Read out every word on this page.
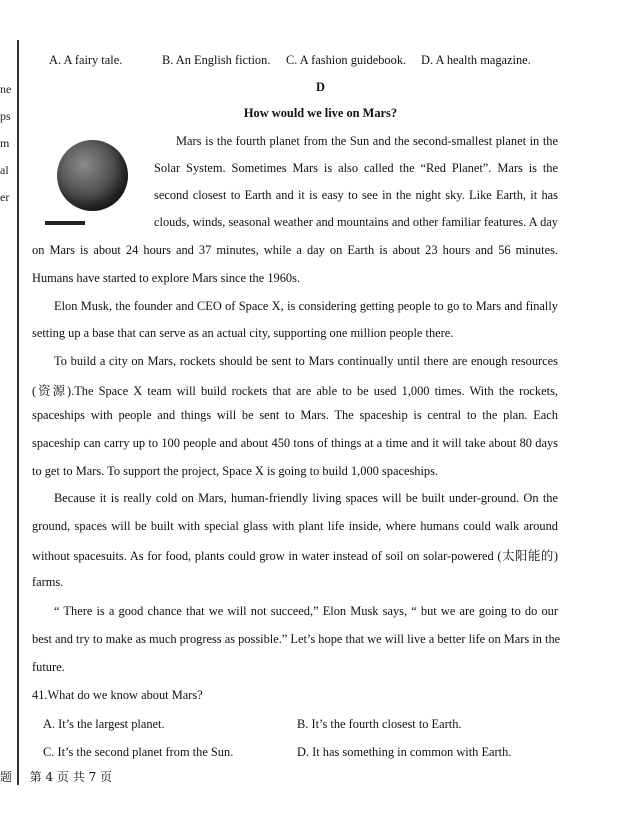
ne
ps
m
al
er
A. A fairy tale.	B. An English fiction. C. A fashion guidebook. D. A health magazine.
D
How would we live on Mars?
Mars is the fourth planet from the Sun and the second-smallest planet in the
Solar System. Sometimes Mars is also called the “Red Planet”. Mars is the
second closest to Earth and it is easy to see in the night sky. Like Earth, it has
clouds, winds, seasonal weather and mountains and other familiar features. A day
on Mars is about 24 hours and 37 minutes, while a day on Earth is about 23 hours and 56 minutes.
Humans have started to explore Mars since the 1960s.
Elon Musk, the founder and CEO of Space X, is considering getting people to go to Mars and finally
setting up a base that can serve as an actual city, supporting one million people there.
To build a city on Mars, rockets should be sent to Mars continually until there are enough resources
(资源).The Space X team will build rockets that are able to be used 1,000 times. With the rockets,
spaceships with people and things will be sent to Mars. The spaceship is central to the plan. Each
spaceship can carry up to 100 people and about 450 tons of things at a time and it will take about 80 days
to get to Mars. To support the project, Space X is going to build 1,000 spaceships.
Because it is really cold on Mars, human-friendly living spaces will be built under-ground. On the
ground, spaces will be built with special glass with plant life inside, where humans could walk around
without spacesuits. As for food, plants could grow in water instead of soil on solar-powered (太阳能的)
farms.
“ There is a good chance that we will not succeed,” Elon Musk says, “ but we are going to do our
best and try to make as much progress as possible.” Let’s hope that we will live a better life on Mars in the
future.
41.What do we know about Mars?
A. It’s the largest planet.	B. It’s the fourth closest to Earth.
C. It’s the second planet from the Sun.	D. It has something in common with Earth.
题 第 4 页 共 7 页
